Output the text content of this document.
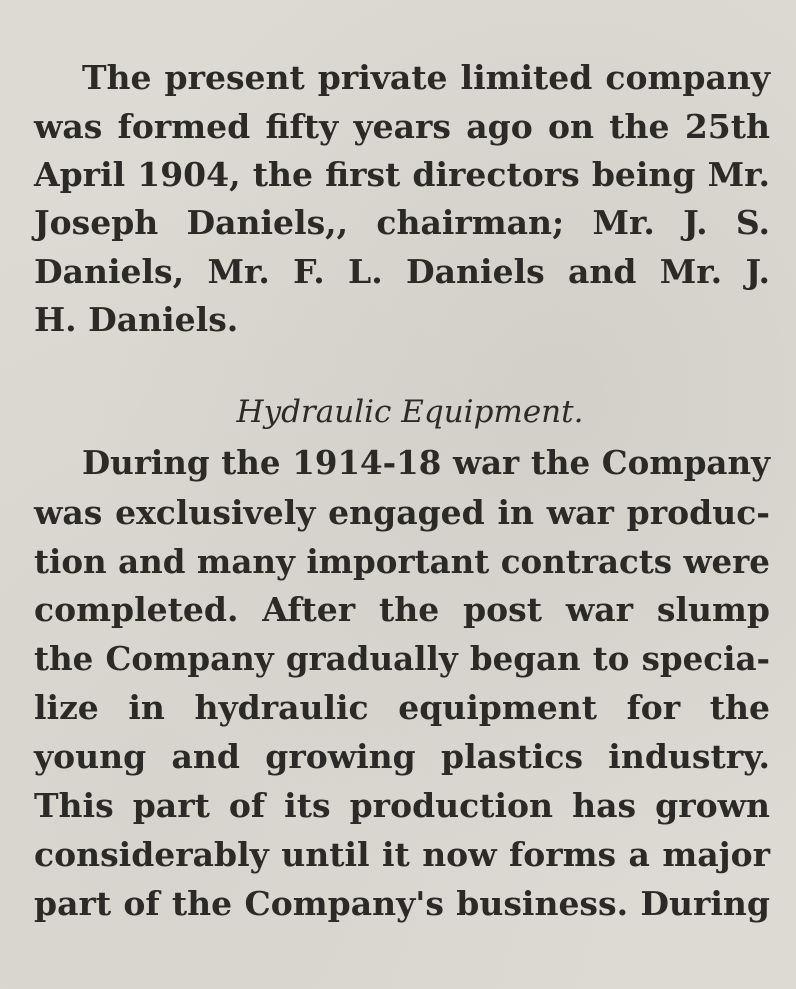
The present private limited company
was formed fifty years ago on the 25th
April 1904, the first directors being Mr.
Joseph Daniels,, chairman; Mr. J. S.
Daniels, Mr. F. L. Daniels and Mr. J.
H. Daniels.
Hydraulic Equipment.
During the 1914-18 war the Company
was exclusively engaged in war produc-
tion and many important contracts were
completed. After the post war slump
the Company gradually began to specia-
lize in hydraulic equipment for the
young and growing plastics industry.
This part of its production has grown
considerably until it now forms a major
part of the Company's business. During
